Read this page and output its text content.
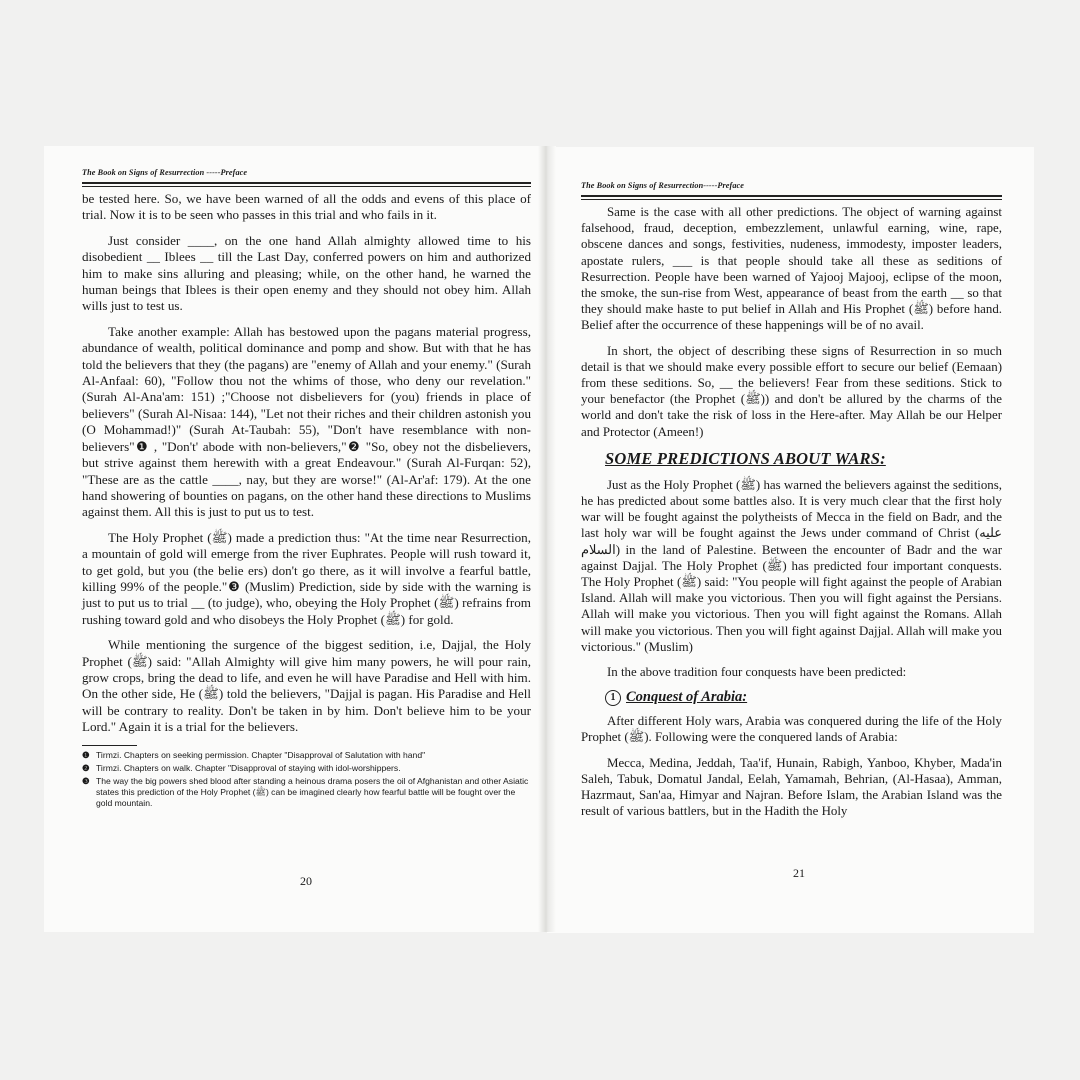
The Book on Signs of Resurrection -----Preface

be tested here. So, we have been warned of all the odds and evens of this place of trial. Now it is to be seen who passes in this trial and who fails in it.

Just consider ____, on the one hand Allah almighty allowed time to his disobedient __ Iblees __ till the Last Day, conferred powers on him and authorized him to make sins alluring and pleasing; while, on the other hand, he warned the human beings that Iblees is their open enemy and they should not obey him. Allah wills just to test us.

Take another example: Allah has bestowed upon the pagans material progress, abundance of wealth, political dominance and pomp and show. But with that he has told the believers that they (the pagans) are "enemy of Allah and your enemy." (Surah Al-Anfaal: 60), "Follow thou not the whims of those, who deny our revelation." (Surah Al-Ana'am: 151) ;"Choose not disbelievers for (you) friends in place of believers" (Surah Al-Nisaa: 144), "Let not their riches and their children astonish you (O Mohammad!)" (Surah At-Taubah: 55), "Don't have resemblance with non-believers"❶ , "Don't' abode with non-believers,"❷ "So, obey not the disbelievers, but strive against them herewith with a great Endeavour." (Surah Al-Furqan: 52), "These are as the cattle ____, nay, but they are worse!" (Al-Ar'af: 179). At the one hand showering of bounties on pagans, on the other hand these directions to Muslims against them. All this is just to put us to test.

The Holy Prophet (ﷺ) made a prediction thus: "At the time near Resurrection, a mountain of gold will emerge from the river Euphrates. People will rush toward it, to get gold, but you (the belie ers) don't go there, as it will involve a fearful battle, killing 99% of the people."❸ (Muslim) Prediction, side by side with the warning is just to put us to trial __ (to judge), who, obeying the Holy Prophet (ﷺ) refrains from rushing toward gold and who disobeys the Holy Prophet (ﷺ) for gold.

While mentioning the surgence of the biggest sedition, i.e, Dajjal, the Holy Prophet (ﷺ) said: "Allah Almighty will give him many powers, he will pour rain, grow crops, bring the dead to life, and even he will have Paradise and Hell with him. On the other side, He (ﷺ) told the believers, "Dajjal is pagan. His Paradise and Hell will be contrary to reality. Don't be taken in by him. Don't believe him to be your Lord." Again it is a trial for the believers.

❶ Tirmzi. Chapters on seeking permission. Chapter "Disapproval of Salutation with hand"
❷ Tirmzi. Chapters on walk. Chapter "Disapproval of staying with idol-worshippers.
❸ The way the big powers shed blood after standing a heinous drama posers the oil of Afghanistan and other Asiatic states this prediction of the Holy Prophet (ﷺ) can be imagined clearly how fearful battle will be fought over the gold mountain.
20
The Book on Signs of Resurrection-----Preface

Same is the case with all other predictions. The object of warning against falsehood, fraud, deception, embezzlement, unlawful earning, wine, rape, obscene dances and songs, festivities, nudeness, immodesty, imposter leaders, apostate rulers, ___ is that people should take all these as seditions of Resurrection. People have been warned of Yajooj Majooj, eclipse of the moon, the smoke, the sun-rise from West, appearance of beast from the earth __ so that they should make haste to put belief in Allah and His Prophet (ﷺ) before hand. Belief after the occurrence of these happenings will be of no avail.

In short, the object of describing these signs of Resurrection in so much detail is that we should make every possible effort to secure our belief (Eemaan) from these seditions. So, __ the believers! Fear from these seditions. Stick to your benefactor (the Prophet (ﷺ)) and don't be allured by the charms of the world and don't take the risk of loss in the Here-after. May Allah be our Helper and Protector (Ameen!)

SOME PREDICTIONS ABOUT WARS:

Just as the Holy Prophet (ﷺ) has warned the believers against the seditions, he has predicted about some battles also. It is very much clear that the first holy war will be fought against the polytheists of Mecca in the field on Badr, and the last holy war will be fought against the Jews under command of Christ (عليه السلام) in the land of Palestine. Between the encounter of Badr and the war against Dajjal. The Holy Prophet (ﷺ) has predicted four important conquests. The Holy Prophet (ﷺ) said: "You people will fight against the people of Arabian Island. Allah will make you victorious. Then you will fight against the Persians. Allah will make you victorious. Then you will fight against the Romans. Allah will make you victorious. Then you will fight against Dajjal. Allah will make you victorious." (Muslim)

In the above tradition four conquests have been predicted:

1 Conquest of Arabia:

After different Holy wars, Arabia was conquered during the life of the Holy Prophet (ﷺ). Following were the conquered lands of Arabia:

Mecca, Medina, Jeddah, Taa'if, Hunain, Rabigh, Yanboo, Khyber, Mada'in Saleh, Tabuk, Domatul Jandal, Eelah, Yamamah, Behrian, (Al-Hasaa), Amman, Hazrmaut, San'aa, Himyar and Najran. Before Islam, the Arabian Island was the result of various battlers, but in the Hadith the Holy

21
